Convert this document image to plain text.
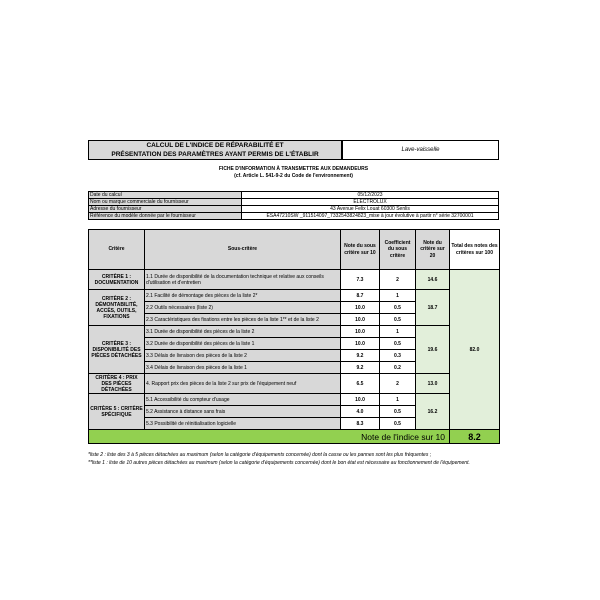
CALCUL DE L'INDICE DE RÉPARABILITÉ ET
PRÉSENTATION DES PARAMÈTRES AYANT PERMIS DE L'ÉTABLIR
Lave-vaisselle
FICHE D'INFORMATION À TRANSMETTRE AUX DEMANDEURS
(cf. Article L. 541-9-2 du Code de l'environnement)
Date du calcul	05/12/2023
Nom ou marque commerciale du fournisseur	ELECTROLUX
Adresse du fournisseur	43 Avenue Felix Louat 60300 Senlis
Référence du modèle donnée par le fournisseur	ESA47210SW _911514097_7332543824823_mise à jour évolutive à partir n° série 32700001
Critère	Sous-critère	Note du sous critère sur 10	Coefficient du sous critère	Note du critère sur 20	Total des notes des critères sur 100
CRITÈRE 1 : DOCUMENTATION	1.1 Durée de disponibilité de la documentation technique et relative aux conseils d'utilisation et d'entretien	7.3	2	14.6	82.0
CRITÈRE 2 : DÉMONTABILITÉ, ACCÈS, OUTILS, FIXATIONS	2.1 Facilité de démontage des pièces de la liste 2*	8.7	1	18.7	
	2.2 Outils nécessaires (liste 2)	10.0	0.5		
	2.3 Caractéristiques des fixations entre les pièces de la liste 1** et de la liste 2	10.0	0.5		
CRITÈRE 3 : DISPONIBILITÉ DES PIÈCES DÉTACHÉES	3.1 Durée de disponibilité des pièces de la liste 2	10.0	1	19.6	
	3.2 Durée de disponibilité des pièces de la liste 1	10.0	0.5		
	3.3 Délais de livraison des pièces de la liste 2	9.2	0.3		
	3.4 Délais de livraison des pièces de la liste 1	9.2	0.2		
CRITÈRE 4 : PRIX DES PIÈCES DÉTACHÉES	4. Rapport prix des pièces de la liste 2 sur prix de l'équipement neuf	6.5	2	13.0	
CRITÈRE 5 : CRITÈRE SPÉCIFIQUE	5.1 Accessibilité du compteur d'usage	10.0	1	16.2	
	5.2 Assistance à distance sans frais	4.0	0.5		
	5.3 Possibilité de réinitialisation logicielle	8.3	0.5		
Note de l'indice sur 10					8.2
*liste 2 : liste des 3 à 5 pièces détachées au maximum (selon la catégorie d'équipements concernée) dont la casse ou les pannes sont les plus fréquentes ;
**liste 1 : liste de 10 autres pièces détachées au maximum (selon la catégorie d'équipements concernée) dont le bon état est nécessaire au fonctionnement de l'équipement.
